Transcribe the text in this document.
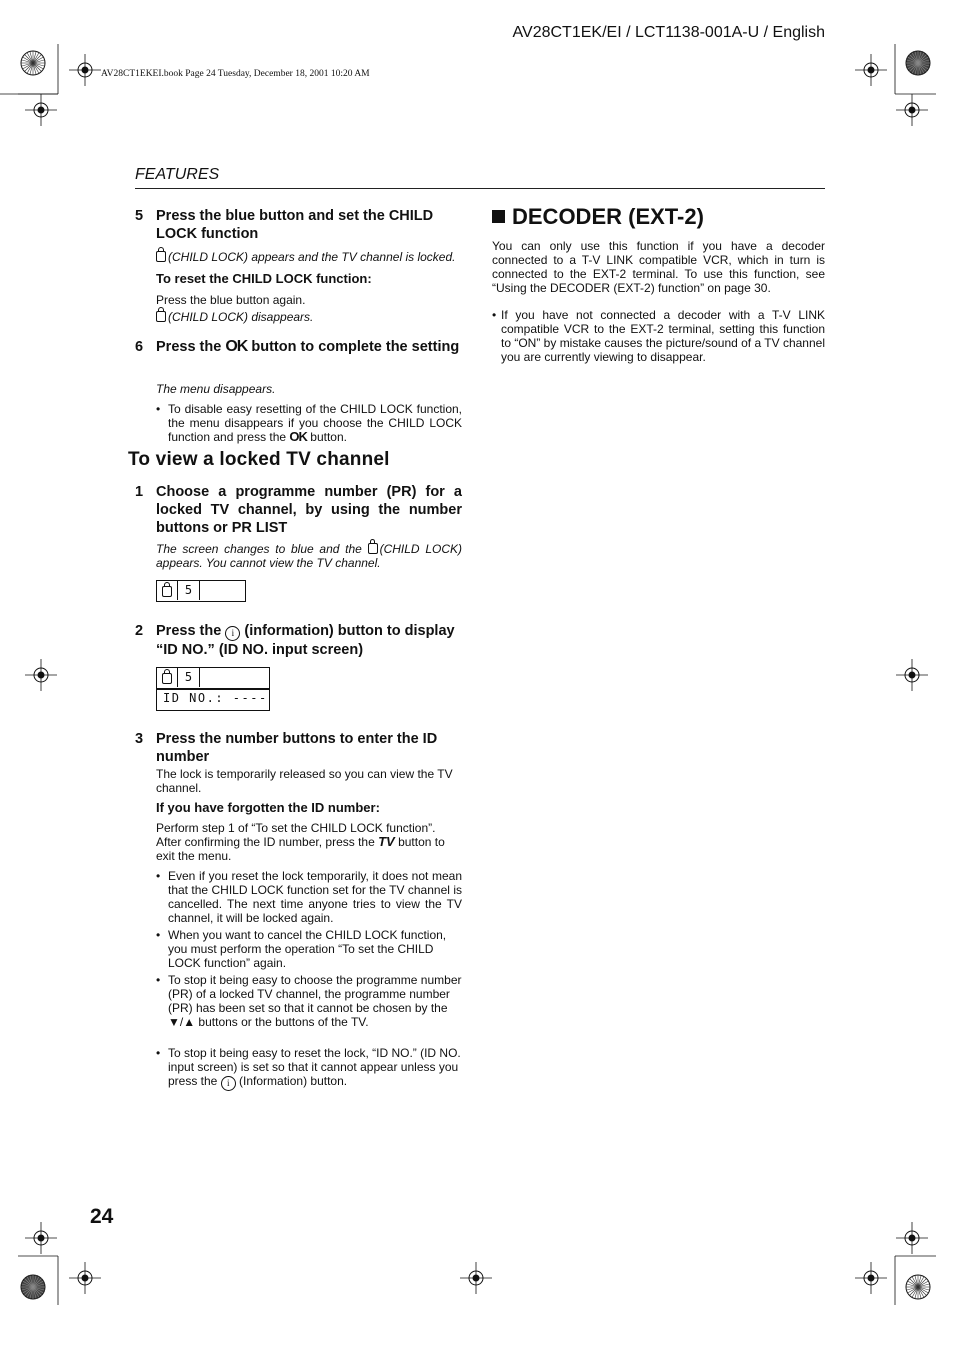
AV28CT1EK/EI / LCT1138-001A-U / English
AV28CT1EKEI.book Page 24 Tuesday, December 18, 2001 10:20 AM
FEATURES
5 Press the blue button and set the CHILD LOCK function
(CHILD LOCK) appears and the TV channel is locked.
To reset the CHILD LOCK function:
Press the blue button again.
(CHILD LOCK) disappears.
6 Press the OK button to complete the setting
The menu disappears.
• To disable easy resetting of the CHILD LOCK function, the menu disappears if you choose the CHILD LOCK function and press the OK button.
To view a locked TV channel
1 Choose a programme number (PR) for a locked TV channel, by using the number buttons or PR LIST
The screen changes to blue and the (CHILD LOCK) appears. You cannot view the TV channel.
5
2 Press the i (information) button to display “ID NO.” (ID NO. input screen)
5
ID NO.: ----
3 Press the number buttons to enter the ID number
The lock is temporarily released so you can view the TV channel.
If you have forgotten the ID number:
Perform step 1 of “To set the CHILD LOCK function”. After confirming the ID number, press the TV button to exit the menu.
• Even if you reset the lock temporarily, it does not mean that the CHILD LOCK function set for the TV channel is cancelled. The next time anyone tries to view the TV channel, it will be locked again.
• When you want to cancel the CHILD LOCK function, you must perform the operation “To set the CHILD LOCK function” again.
• To stop it being easy to choose the programme number (PR) of a locked TV channel, the programme number (PR) has been set so that it cannot be chosen by the ▼/▲ buttons or the buttons of the TV.
• To stop it being easy to reset the lock, “ID NO.” (ID NO. input screen) is set so that it cannot appear unless you press the i (Information) button.
DECODER (EXT-2)
You can only use this function if you have a decoder connected to a T-V LINK compatible VCR, which in turn is connected to the EXT-2 terminal. To use this function, see “Using the DECODER (EXT-2) function” on page 30.
• If you have not connected a decoder with a T-V LINK compatible VCR to the EXT-2 terminal, setting this function to “ON” by mistake causes the picture/sound of a TV channel you are currently viewing to disappear.
24
